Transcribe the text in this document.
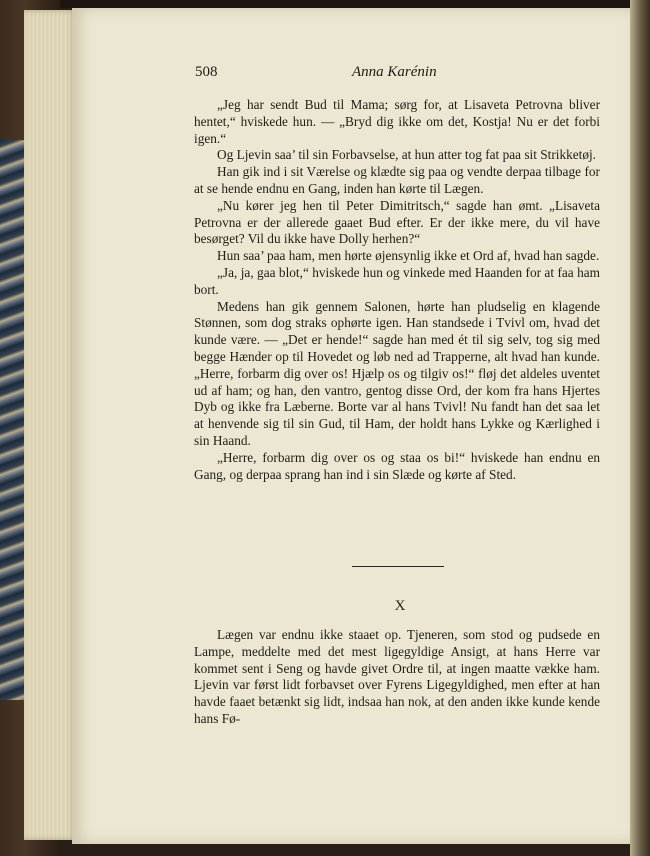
508	Anna Karénin

„Jeg har sendt Bud til Mama; sørg for, at Lisaveta Petrovna bliver hentet,“ hviskede hun. — „Bryd dig ikke om det, Kostja! Nu er det forbi igen.“

Og Ljevin saa’ til sin Forbavselse, at hun atter tog fat paa sit Strikketøj.

Han gik ind i sit Værelse og klædte sig paa og vendte derpaa tilbage for at se hende endnu en Gang, inden han kørte til Lægen.

„Nu kører jeg hen til Peter Dimitritsch,“ sagde han ømt. „Lisaveta Petrovna er der allerede gaaet Bud efter. Er der ikke mere, du vil have besørget? Vil du ikke have Dolly herhen?“

Hun saa’ paa ham, men hørte øjensynlig ikke et Ord af, hvad han sagde.

„Ja, ja, gaa blot,“ hviskede hun og vinkede med Haanden for at faa ham bort.

Medens han gik gennem Salonen, hørte han pludselig en klagende Stønnen, som dog straks ophørte igen. Han standsede i Tvivl om, hvad det kunde være. — „Det er hende!“ sagde han med ét til sig selv, tog sig med begge Hænder op til Hovedet og løb ned ad Trapperne, alt hvad han kunde. „Herre, forbarm dig over os! Hjælp os og tilgiv os!“ fløj det aldeles uventet ud af ham; og han, den vantro, gentog disse Ord, der kom fra hans Hjertes Dyb og ikke fra Læberne. Borte var al hans Tvivl! Nu fandt han det saa let at henvende sig til sin Gud, til Ham, der holdt hans Lykke og Kærlighed i sin Haand.

„Herre, forbarm dig over os og staa os bi!“ hviskede han endnu en Gang, og derpaa sprang han ind i sin Slæde og kørte af Sted.

X

Lægen var endnu ikke staaet op. Tjeneren, som stod og pudsede en Lampe, meddelte med det mest ligegyldige Ansigt, at hans Herre var kommet sent i Seng og havde givet Ordre til, at ingen maatte vække ham. Ljevin var først lidt forbavset over Fyrens Ligegyldighed, men efter at han havde faaet betænkt sig lidt, indsaa han nok, at den anden ikke kunde kende hans Fø-
